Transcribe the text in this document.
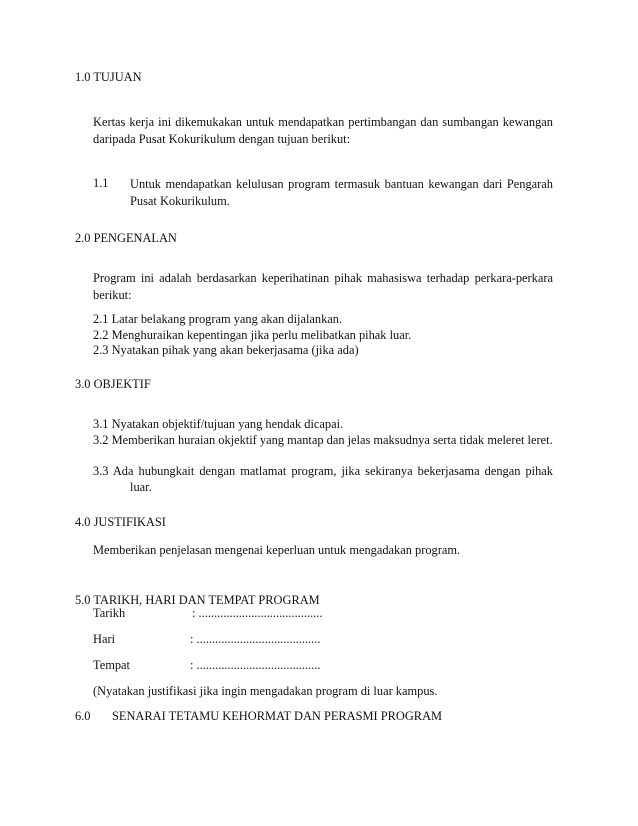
1.0 TUJUAN
Kertas kerja ini dikemukakan untuk mendapatkan pertimbangan dan sumbangan kewangan daripada Pusat Kokurikulum dengan tujuan berikut:
1.1 Untuk mendapatkan kelulusan program termasuk bantuan kewangan dari Pengarah Pusat Kokurikulum.
2.0 PENGENALAN
Program ini adalah berdasarkan keperihatinan pihak mahasiswa terhadap perkara-perkara berikut:
2.1 Latar belakang program yang akan dijalankan.
2.2 Menghuraikan kepentingan jika perlu melibatkan pihak luar.
2.3 Nyatakan pihak yang akan bekerjasama (jika ada)
3.0 OBJEKTIF
3.1 Nyatakan objektif/tujuan yang hendak dicapai.
3.2 Memberikan huraian okjektif yang mantap dan jelas maksudnya serta tidak meleret leret.
3.3 Ada hubungkait dengan matlamat program, jika sekiranya bekerjasama dengan pihak luar.
4.0 JUSTIFIKASI
Memberikan penjelasan mengenai keperluan untuk mengadakan program.
5.0 TARIKH, HARI DAN TEMPAT PROGRAM
Tarikh	: ........................................
Hari	: ........................................
Tempat	: ........................................
(Nyatakan justifikasi jika ingin mengadakan program di luar kampus.
6.0 SENARAI TETAMU KEHORMAT DAN PERASMI PROGRAM
